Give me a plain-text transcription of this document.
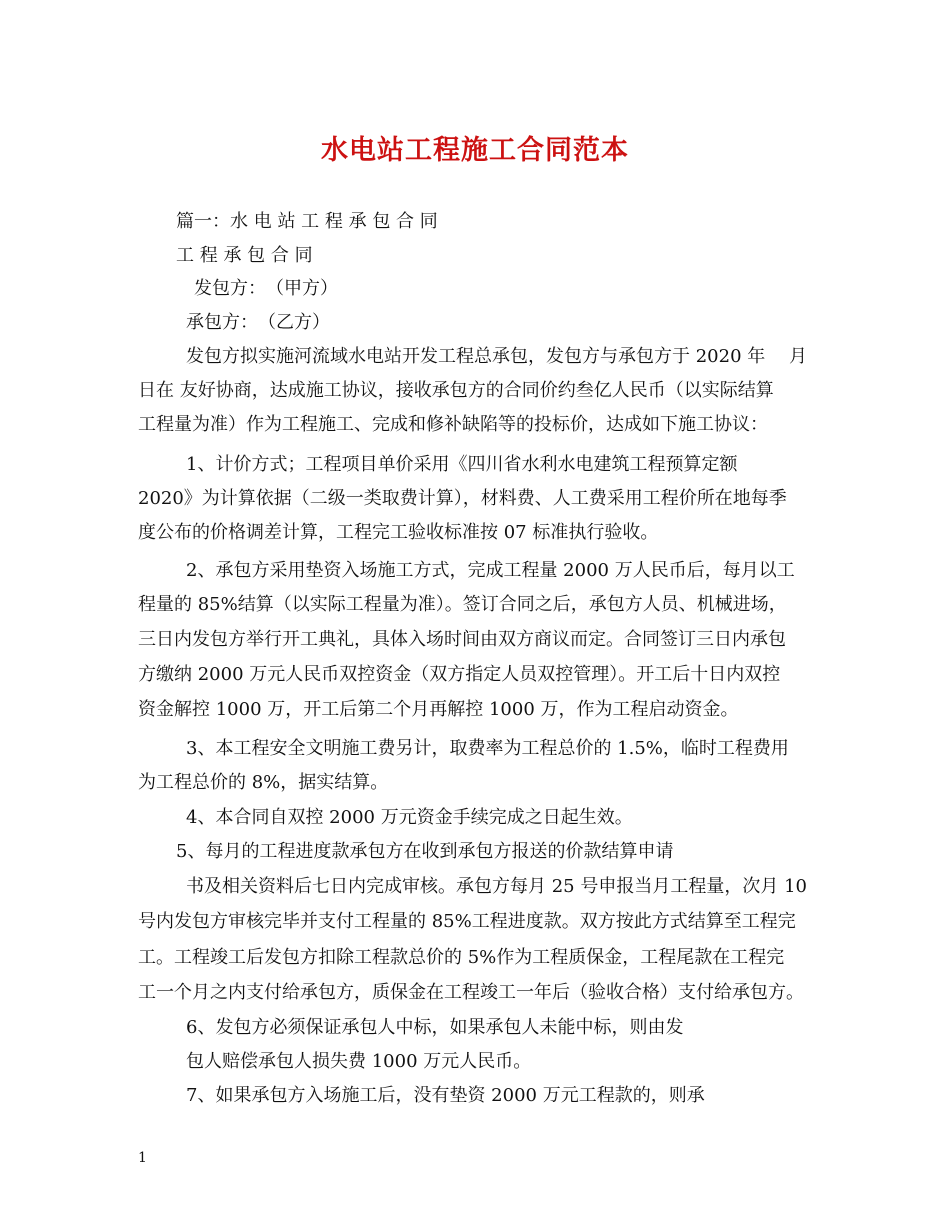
水电站工程施工合同范本
篇一：水 电 站 工 程 承 包 合 同
工 程 承 包 合 同
发包方：　（甲方）
承包方：　（乙方）
发包方拟实施河流域水电站开发工程总承包，发包方与承包方于 2020 年　 月
日在 友好协商，达成施工协议，接收承包方的合同价约叁亿人民币（以实际结算
工程量为准）作为工程施工、完成和修补缺陷等的投标价，达成如下施工协议：
1、计价方式；工程项目单价采用《四川省水利水电建筑工程预算定额
2020》为计算依据（二级一类取费计算），材料费、人工费采用工程价所在地每季
度公布的价格调差计算，工程完工验收标准按 07 标准执行验收。
2、承包方采用垫资入场施工方式，完成工程量 2000 万人民币后，每月以工
程量的 85%结算（以实际工程量为准）。签订合同之后，承包方人员、机械进场，
三日内发包方举行开工典礼，具体入场时间由双方商议而定。合同签订三日内承包
方缴纳 2000 万元人民币双控资金（双方指定人员双控管理）。开工后十日内双控
资金解控 1000 万，开工后第二个月再解控 1000 万，作为工程启动资金。
3、本工程安全文明施工费另计，取费率为工程总价的 1.5%，临时工程费用
为工程总价的 8%，据实结算。
4、本合同自双控 2000 万元资金手续完成之日起生效。
5、每月的工程进度款承包方在收到承包方报送的价款结算申请
书及相关资料后七日内完成审核。承包方每月 25 号申报当月工程量，次月 10
号内发包方审核完毕并支付工程量的 85%工程进度款。双方按此方式结算至工程完
工。工程竣工后发包方扣除工程款总价的 5%作为工程质保金，工程尾款在工程完
工一个月之内支付给承包方，质保金在工程竣工一年后（验收合格）支付给承包方。
6、发包方必须保证承包人中标，如果承包人未能中标，则由发
包人赔偿承包人损失费 1000 万元人民币。
7、如果承包方入场施工后，没有垫资 2000 万元工程款的，则承
1
